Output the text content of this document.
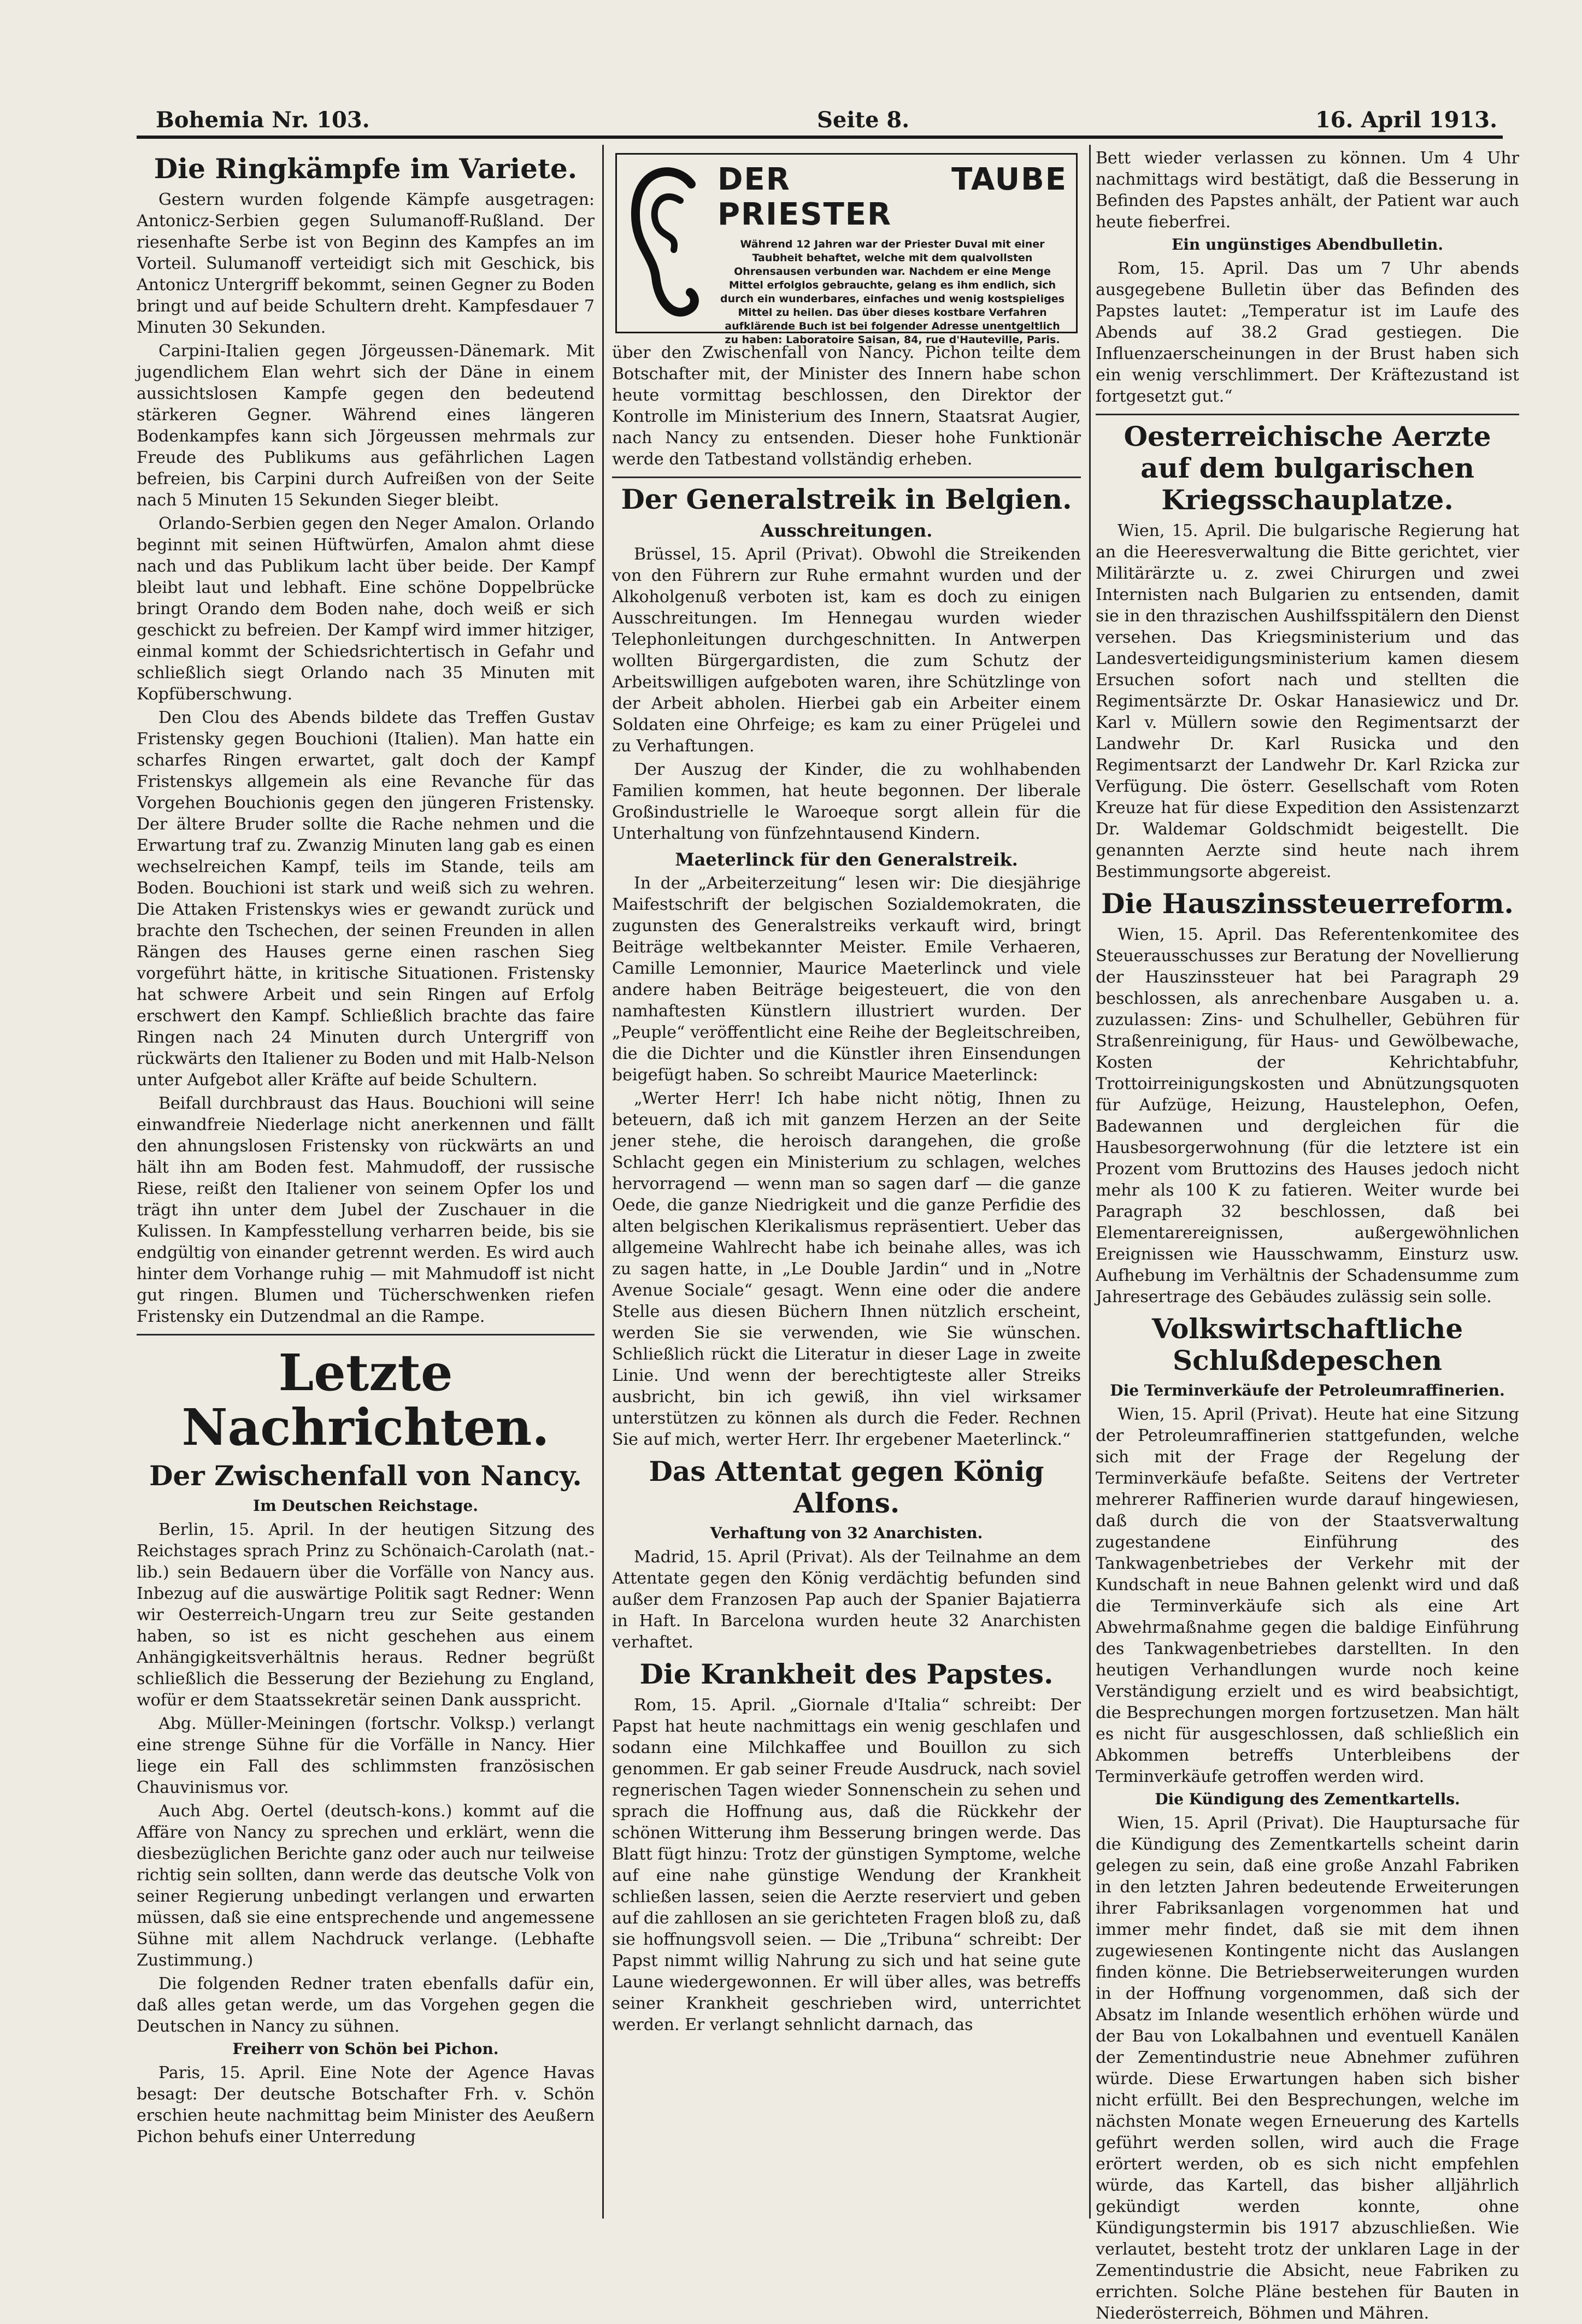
Bohemia Nr. 103.	Seite 8.	16. April 1913.
Die Ringkämpfe im Variete.

Gestern wurden folgende Kämpfe ausgetragen: Antonicz-Serbien gegen Sulumanoff-Rußland. Der riesenhafte Serbe ist von Beginn des Kampfes an im Vorteil. Sulumanoff verteidigt sich mit Geschick, bis Antonicz Untergriff bekommt, seinen Gegner zu Boden bringt und auf beide Schultern dreht. Kampfesdauer 7 Minuten 30 Sekunden.

Carpini-Italien gegen Jörgeussen-Dänemark. Mit jugendlichem Elan wehrt sich der Däne in einem aussichtslosen Kampfe gegen den bedeutend stärkeren Gegner. Während eines längeren Bodenkampfes kann sich Jörgeussen mehrmals zur Freude des Publikums aus gefährlichen Lagen befreien, bis Carpini durch Aufreißen von der Seite nach 5 Minuten 15 Sekunden Sieger bleibt.

Orlando-Serbien gegen den Neger Amalon. Orlando beginnt mit seinen Hüftwürfen, Amalon ahmt diese nach und das Publikum lacht über beide. Der Kampf bleibt laut und lebhaft. Eine schöne Doppelbrücke bringt Orando dem Boden nahe, doch weiß er sich geschickt zu befreien. Der Kampf wird immer hitziger, einmal kommt der Schiedsrichtertisch in Gefahr und schließlich siegt Orlando nach 35 Minuten mit Kopfüberschwung.

Den Clou des Abends bildete das Treffen Gustav Fristensky gegen Bouchioni (Italien). Man hatte ein scharfes Ringen erwartet, galt doch der Kampf Fristenskys allgemein als eine Revanche für das Vorgehen Bouchionis gegen den jüngeren Fristensky. Der ältere Bruder sollte die Rache nehmen und die Erwartung traf zu. Zwanzig Minuten lang gab es einen wechselreichen Kampf, teils im Stande, teils am Boden. Bouchioni ist stark und weiß sich zu wehren. Die Attaken Fristenskys wies er gewandt zurück und brachte den Tschechen, der seinen Freunden in allen Rängen des Hauses gerne einen raschen Sieg vorgeführt hätte, in kritische Situationen. Fristensky hat schwere Arbeit und sein Ringen auf Erfolg erschwert den Kampf. Schließlich brachte das faire Ringen nach 24 Minuten durch Untergriff von rückwärts den Italiener zu Boden und mit Halb-Nelson unter Aufgebot aller Kräfte auf beide Schultern.

Beifall durchbraust das Haus. Bouchioni will seine einwandfreie Niederlage nicht anerkennen und fällt den ahnungslosen Fristensky von rückwärts an und hält ihn am Boden fest. Mahmudoff, der russische Riese, reißt den Italiener von seinem Opfer los und trägt ihn unter dem Jubel der Zuschauer in die Kulissen. In Kampfesstellung verharren beide, bis sie endgültig von einander getrennt werden. Es wird auch hinter dem Vorhange ruhig — mit Mahmudoff ist nicht gut ringen. Blumen und Tücherschwenken riefen Fristensky ein Dutzendmal an die Rampe.

Letzte Nachrichten.
Der Zwischenfall von Nancy.
Im Deutschen Reichstage.

Berlin, 15. April. In der heutigen Sitzung des Reichstages sprach Prinz zu Schönaich-Carolath (nat.-lib.) sein Bedauern über die Vorfälle von Nancy aus. Inbezug auf die auswärtige Politik sagt Redner: Wenn wir Oesterreich-Ungarn treu zur Seite gestanden haben, so ist es nicht geschehen aus einem Anhängigkeitsverhältnis heraus. Redner begrüßt schließlich die Besserung der Beziehung zu England, wofür er dem Staatssekretär seinen Dank ausspricht.

Abg. Müller-Meiningen (fortschr. Volksp.) verlangt eine strenge Sühne für die Vorfälle in Nancy. Hier liege ein Fall des schlimmsten französischen Chauvinismus vor.

Auch Abg. Oertel (deutsch-kons.) kommt auf die Affäre von Nancy zu sprechen und erklärt, wenn die diesbezüglichen Berichte ganz oder auch nur teilweise richtig sein sollten, dann werde das deutsche Volk von seiner Regierung unbedingt verlangen und erwarten müssen, daß sie eine entsprechende und angemessene Sühne mit allem Nachdruck verlange. (Lebhafte Zustimmung.)

Die folgenden Redner traten ebenfalls dafür ein, daß alles getan werde, um das Vorgehen gegen die Deutschen in Nancy zu sühnen.

Freiherr von Schön bei Pichon.

Paris, 15. April. Eine Note der Agence Havas besagt: Der deutsche Botschafter Frh. v. Schön erschien heute nachmittag beim Minister des Aeußern Pichon behufs einer Unterredung

DER TAUBE PRIESTER
Während 12 Jahren war der Priester Duval mit einer Taubheit behaftet, welche mit dem qualvollsten Ohrensausen verbunden war. Nachdem er eine Menge Mittel erfolglos gebrauchte, gelang es ihm endlich, sich durch ein wunderbares, einfaches und wenig kostspieliges Mittel zu heilen. Das über dieses kostbare Verfahren aufklärende Buch ist bei folgender Adresse unentgeltlich zu haben: Laboratoire Saisan, 84, rue d'Hauteville, Paris.

über den Zwischenfall von Nancy. Pichon teilte dem Botschafter mit, der Minister des Innern habe schon heute vormittag beschlossen, den Direktor der Kontrolle im Ministerium des Innern, Staatsrat Augier, nach Nancy zu entsenden. Dieser hohe Funktionär werde den Tatbestand vollständig erheben.

Der Generalstreik in Belgien.
Ausschreitungen.

Brüssel, 15. April (Privat). Obwohl die Streikenden von den Führern zur Ruhe ermahnt wurden und der Alkoholgenuß verboten ist, kam es doch zu einigen Ausschreitungen. Im Hennegau wurden wieder Telephonleitungen durchgeschnitten. In Antwerpen wollten Bürgergardisten, die zum Schutz der Arbeitswilligen aufgeboten waren, ihre Schützlinge von der Arbeit abholen. Hierbei gab ein Arbeiter einem Soldaten eine Ohrfeige; es kam zu einer Prügelei und zu Verhaftungen.

Der Auszug der Kinder, die zu wohlhabenden Familien kommen, hat heute begonnen. Der liberale Großindustrielle le Waroeque sorgt allein für die Unterhaltung von fünfzehntausend Kindern.

Maeterlinck für den Generalstreik.

In der „Arbeiterzeitung“ lesen wir: Die diesjährige Maifestschrift der belgischen Sozialdemokraten, die zugunsten des Generalstreiks verkauft wird, bringt Beiträge weltbekannter Meister. Emile Verhaeren, Camille Lemonnier, Maurice Maeterlinck und viele andere haben Beiträge beigesteuert, die von den namhaftesten Künstlern illustriert wurden. Der „Peuple“ veröffentlicht eine Reihe der Begleitschreiben, die die Dichter und die Künstler ihren Einsendungen beigefügt haben. So schreibt Maurice Maeterlinck:

„Werter Herr! Ich habe nicht nötig, Ihnen zu beteuern, daß ich mit ganzem Herzen an der Seite jener stehe, die heroisch darangehen, die große Schlacht gegen ein Ministerium zu schlagen, welches hervorragend — wenn man so sagen darf — die ganze Oede, die ganze Niedrigkeit und die ganze Perfidie des alten belgischen Klerikalismus repräsentiert. Ueber das allgemeine Wahlrecht habe ich beinahe alles, was ich zu sagen hatte, in „Le Double Jardin“ und in „Notre Avenue Sociale“ gesagt. Wenn eine oder die andere Stelle aus diesen Büchern Ihnen nützlich erscheint, werden Sie sie verwenden, wie Sie wünschen. Schließlich rückt die Literatur in dieser Lage in zweite Linie. Und wenn der berechtigteste aller Streiks ausbricht, bin ich gewiß, ihn viel wirksamer unterstützen zu können als durch die Feder. Rechnen Sie auf mich, werter Herr. Ihr ergebener Maeterlinck.“

Das Attentat gegen König Alfons.
Verhaftung von 32 Anarchisten.

Madrid, 15. April (Privat). Als der Teilnahme an dem Attentate gegen den König verdächtig befunden sind außer dem Franzosen Pap auch der Spanier Bajatierra in Haft. In Barcelona wurden heute 32 Anarchisten verhaftet.

Die Krankheit des Papstes.

Rom, 15. April. „Giornale d'Italia“ schreibt: Der Papst hat heute nachmittags ein wenig geschlafen und sodann eine Milchkaffee und Bouillon zu sich genommen. Er gab seiner Freude Ausdruck, nach soviel regnerischen Tagen wieder Sonnenschein zu sehen und sprach die Hoffnung aus, daß die Rückkehr der schönen Witterung ihm Besserung bringen werde. Das Blatt fügt hinzu: Trotz der günstigen Symptome, welche auf eine nahe günstige Wendung der Krankheit schließen lassen, seien die Aerzte reserviert und geben auf die zahllosen an sie gerichteten Fragen bloß zu, daß sie hoffnungsvoll seien. — Die „Tribuna“ schreibt: Der Papst nimmt willig Nahrung zu sich und hat seine gute Laune wiedergewonnen. Er will über alles, was betreffs seiner Krankheit geschrieben wird, unterrichtet werden. Er verlangt sehnlicht darnach, das

Bett wieder verlassen zu können. Um 4 Uhr nachmittags wird bestätigt, daß die Besserung in Befinden des Papstes anhält, der Patient war auch heute fieberfrei.

Ein ungünstiges Abendbulletin.

Rom, 15. April. Das um 7 Uhr abends ausgegebene Bulletin über das Befinden des Papstes lautet: „Temperatur ist im Laufe des Abends auf 38.2 Grad gestiegen. Die Influenzaerscheinungen in der Brust haben sich ein wenig verschlimmert. Der Kräftezustand ist fortgesetzt gut.“

Oesterreichische Aerzte auf dem bulgarischen Kriegsschauplatze.

Wien, 15. April. Die bulgarische Regierung hat an die Heeresverwaltung die Bitte gerichtet, vier Militärärzte u. z. zwei Chirurgen und zwei Internisten nach Bulgarien zu entsenden, damit sie in den thrazischen Aushilfsspitälern den Dienst versehen. Das Kriegsministerium und das Landesverteidigungsministerium kamen diesem Ersuchen sofort nach und stellten die Regimentsärzte Dr. Oskar Hanasiewicz und Dr. Karl v. Müllern sowie den Regimentsarzt der Landwehr Dr. Karl Rusicka und den Regimentsarzt der Landwehr Dr. Karl Rzicka zur Verfügung. Die österr. Gesellschaft vom Roten Kreuze hat für diese Expedition den Assistenzarzt Dr. Waldemar Goldschmidt beigestellt. Die genannten Aerzte sind heute nach ihrem Bestimmungsorte abgereist.

Die Hauszinssteuerreform.

Wien, 15. April. Das Referentenkomitee des Steuerausschusses zur Beratung der Novellierung der Hauszinssteuer hat bei Paragraph 29 beschlossen, als anrechenbare Ausgaben u. a. zuzulassen: Zins- und Schulheller, Gebühren für Straßenreinigung, für Haus- und Gewölbewache, Kosten der Kehrichtabfuhr, Trottoirreinigungskosten und Abnützungsquoten für Aufzüge, Heizung, Haustelephon, Oefen, Badewannen und dergleichen für die Hausbesorgerwohnung (für die letztere ist ein Prozent vom Bruttozins des Hauses jedoch nicht mehr als 100 K zu fatieren. Weiter wurde bei Paragraph 32 beschlossen, daß bei Elementarereignissen, außergewöhnlichen Ereignissen wie Hausschwamm, Einsturz usw. Aufhebung im Verhältnis der Schadensumme zum Jahresertrage des Gebäudes zulässig sein solle.

Volkswirtschaftliche Schlußdepeschen
Die Terminverkäufe der Petroleumraffinerien.

Wien, 15. April (Privat). Heute hat eine Sitzung der Petroleumraffinerien stattgefunden, welche sich mit der Frage der Regelung der Terminverkäufe befaßte. Seitens der Vertreter mehrerer Raffinerien wurde darauf hingewiesen, daß durch die von der Staatsverwaltung zugestandene Einführung des Tankwagenbetriebes der Verkehr mit der Kundschaft in neue Bahnen gelenkt wird und daß die Terminverkäufe sich als eine Art Abwehrmaßnahme gegen die baldige Einführung des Tankwagenbetriebes darstellten. In den heutigen Verhandlungen wurde noch keine Verständigung erzielt und es wird beabsichtigt, die Besprechungen morgen fortzusetzen. Man hält es nicht für ausgeschlossen, daß schließlich ein Abkommen betreffs Unterbleibens der Terminverkäufe getroffen werden wird.

Die Kündigung des Zementkartells.

Wien, 15. April (Privat). Die Hauptursache für die Kündigung des Zementkartells scheint darin gelegen zu sein, daß eine große Anzahl Fabriken in den letzten Jahren bedeutende Erweiterungen ihrer Fabriksanlagen vorgenommen hat und immer mehr findet, daß sie mit dem ihnen zugewiesenen Kontingente nicht das Auslangen finden könne. Die Betriebserweiterungen wurden in der Hoffnung vorgenommen, daß sich der Absatz im Inlande wesentlich erhöhen würde und der Bau von Lokalbahnen und eventuell Kanälen der Zementindustrie neue Abnehmer zuführen würde. Diese Erwartungen haben sich bisher nicht erfüllt. Bei den Besprechungen, welche im nächsten Monate wegen Erneuerung des Kartells geführt werden sollen, wird auch die Frage erörtert werden, ob es sich nicht empfehlen würde, das Kartell, das bisher alljährlich gekündigt werden konnte, ohne Kündigungstermin bis 1917 abzuschließen. Wie verlautet, besteht trotz der unklaren Lage in der Zementindustrie die Absicht, neue Fabriken zu errichten. Solche Pläne bestehen für Bauten in Niederösterreich, Böhmen und Mähren.
